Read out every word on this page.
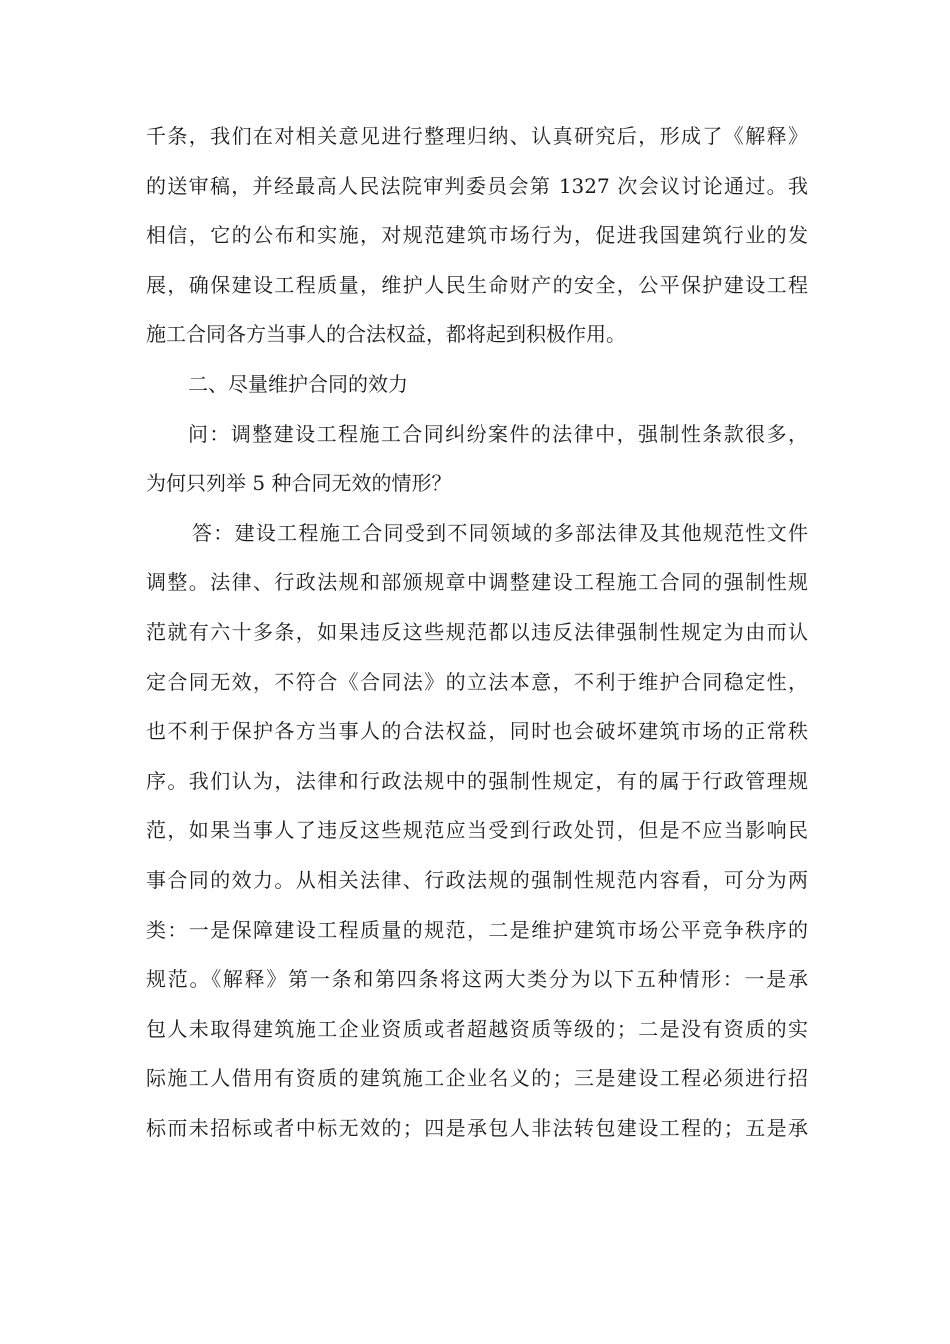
千条，我们在对相关意见进行整理归纳、认真研究后，形成了《解释》
的送审稿，并经最高人民法院审判委员会第 1327 次会议讨论通过。我
相信，它的公布和实施，对规范建筑市场行为，促进我国建筑行业的发
展，确保建设工程质量，维护人民生命财产的安全，公平保护建设工程
施工合同各方当事人的合法权益，都将起到积极作用。
二、尽量维护合同的效力
问：调整建设工程施工合同纠纷案件的法律中，强制性条款很多，
为何只列举 5 种合同无效的情形？
答：建设工程施工合同受到不同领域的多部法律及其他规范性文件
调整。法律、行政法规和部颁规章中调整建设工程施工合同的强制性规
范就有六十多条，如果违反这些规范都以违反法律强制性规定为由而认
定合同无效，不符合《合同法》的立法本意，不利于维护合同稳定性，
也不利于保护各方当事人的合法权益，同时也会破坏建筑市场的正常秩
序。我们认为，法律和行政法规中的强制性规定，有的属于行政管理规
范，如果当事人了违反这些规范应当受到行政处罚，但是不应当影响民
事合同的效力。从相关法律、行政法规的强制性规范内容看，可分为两
类：一是保障建设工程质量的规范，二是维护建筑市场公平竞争秩序的
规范。《解释》第一条和第四条将这两大类分为以下五种情形：一是承
包人未取得建筑施工企业资质或者超越资质等级的；二是没有资质的实
际施工人借用有资质的建筑施工企业名义的；三是建设工程必须进行招
标而未招标或者中标无效的；四是承包人非法转包建设工程的；五是承
